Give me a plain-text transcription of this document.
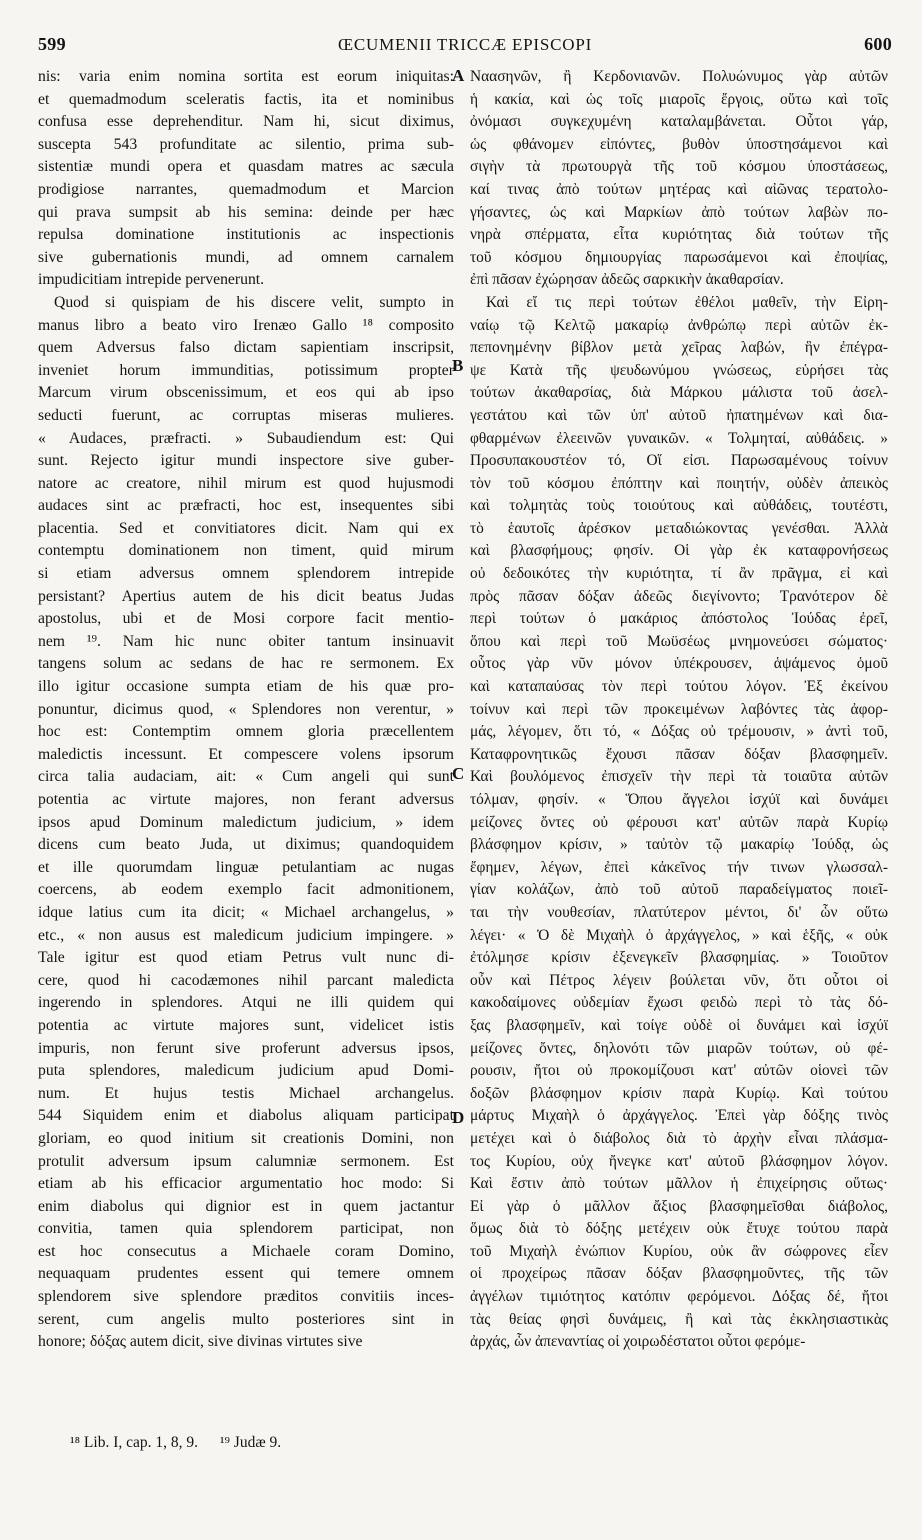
599	ŒCUMENII TRICCÆ EPISCOPI	600
nis: varia enim nomina sortita est eorum iniquitas:
et quemadmodum sceleratis factis, ita et nominibus
confusa esse deprehenditur. Nam hi, sicut diximus,
suscepta 543 profunditate ac silentio, prima sub-
sistentiæ mundi opera et quasdam matres ac sæcula
prodigiose narrantes, quemadmodum et Marcion
qui prava sumpsit ab his semina: deinde per hæc
repulsa dominatione institutionis ac inspectionis
sive gubernationis mundi, ad omnem carnalem
impudicitiam intrepide pervenerunt.
Quod si quispiam de his discere velit, sumpto in
manus libro a beato viro Irenæo Gallo ¹⁸ composito
quem Adversus falso dictam sapientiam inscripsit,
inveniet horum immunditias, potissimum propter
Marcum virum obscenissimum, et eos qui ab ipso
seducti fuerunt, ac corruptas miseras mulieres.
« Audaces, præfracti. » Subaudiendum est: Qui
sunt. Rejecto igitur mundi inspectore sive guber-
natore ac creatore, nihil mirum est quod hujusmodi
audaces sint ac præfracti, hoc est, insequentes sibi
placentia. Sed et convitiatores dicit. Nam qui ex
contemptu dominationem non timent, quid mirum
si etiam adversus omnem splendorem intrepide
persistant? Apertius autem de his dicit beatus Judas
apostolus, ubi et de Mosi corpore facit mentio-
nem ¹⁹. Nam hic nunc obiter tantum insinuavit
tangens solum ac sedans de hac re sermonem. Ex
illo igitur occasione sumpta etiam de his quæ pro-
ponuntur, dicimus quod, « Splendores non verentur, »
hoc est: Contemptim omnem gloria præcellentem
maledictis incessunt. Et compescere volens ipsorum
circa talia audaciam, ait: « Cum angeli qui sunt
potentia ac virtute majores, non ferant adversus
ipsos apud Dominum maledictum judicium, » idem
dicens cum beato Juda, ut diximus; quandoquidem
et ille quorumdam linguæ petulantiam ac nugas
coercens, ab eodem exemplo facit admonitionem,
idque latius cum ita dicit; « Michael archangelus, »
etc., « non ausus est maledicum judicium impingere. »
Tale igitur est quod etiam Petrus vult nunc di-
cere, quod hi cacodæmones nihil parcant maledicta
ingerendo in splendores. Atqui ne illi quidem qui
potentia ac virtute majores sunt, videlicet istis
impuris, non ferunt sive proferunt adversus ipsos,
puta splendores, maledicum judicium apud Domi-
num. Et hujus testis Michael archangelus.
544 Siquidem enim et diabolus aliquam participat
gloriam, eo quod initium sit creationis Domini, non
protulit adversum ipsum calumniæ sermonem. Est
etiam ab his efficacior argumentatio hoc modo: Si
enim diabolus qui dignior est in quem jactantur
convitia, tamen quia splendorem participat, non
est hoc consecutus a Michaele coram Domino,
nequaquam prudentes essent qui temere omnem
splendorem sive splendore præditos convitiis inces-
serent, cum angelis multo posteriores sint in
honore; δόξας autem dicit, sive divinas virtutes sive
Ναασηνῶν, ἢ Κερδονιανῶν. Πολυώνυμος γὰρ αὐτῶν
ἡ κακία, καὶ ὡς τοῖς μιαροῖς ἔργοις, οὕτω καὶ τοῖς
ὀνόμασι συγκεχυμένη καταλαμβάνεται. Οὗτοι γάρ,
ὡς φθάνομεν εἰπόντες, βυθὸν ὑποστησάμενοι καὶ
σιγὴν τὰ πρωτουργὰ τῆς τοῦ κόσμου ὑποστάσεως,
καί τινας ἀπὸ τούτων μητέρας καὶ αἰῶνας τερατολο-
γήσαντες, ὡς καὶ Μαρκίων ἀπὸ τούτων λαβὼν πο-
νηρὰ σπέρματα, εἶτα κυριότητας διὰ τούτων τῆς
τοῦ κόσμου δημιουργίας παρωσάμενοι καὶ ἐποψίας,
ἐπὶ πᾶσαν ἐχώρησαν ἀδεῶς σαρκικὴν ἀκαθαρσίαν.
Καὶ εἴ τις περὶ τούτων ἐθέλοι μαθεῖν, τὴν Εἰρη-
ναίῳ τῷ Κελτῷ μακαρίῳ ἀνθρώπῳ περὶ αὐτῶν ἐκ-
πεπονημένην βίβλον μετὰ χεῖρας λαβών, ἣν ἐπέγρα-
ψε Κατὰ τῆς ψευδωνύμου γνώσεως, εὑρήσει τὰς
τούτων ἀκαθαρσίας, διὰ Μάρκου μάλιστα τοῦ ἀσελ-
γεστάτου καὶ τῶν ὑπ' αὐτοῦ ἠπατημένων καὶ δια-
φθαρμένων ἐλεεινῶν γυναικῶν. « Τολμηταί, αὐθάδεις. »
Προσυπακουστέον τό, Οἵ εἰσι. Παρωσαμένους τοίνυν
τὸν τοῦ κόσμου ἐπόπτην καὶ ποιητήν, οὐδὲν ἀπεικὸς
καὶ τολμητὰς τοὺς τοιούτους καὶ αὐθάδεις, τουτέστι,
τὸ ἑαυτοῖς ἀρέσκον μεταδιώκοντας γενέσθαι. Ἀλλὰ
καὶ βλασφήμους; φησίν. Οἱ γὰρ ἐκ καταφρονήσεως
οὐ δεδοικότες τὴν κυριότητα, τί ἂν πρᾶγμα, εἰ καὶ
πρὸς πᾶσαν δόξαν ἀδεῶς διεγίνοντο; Τρανότερον δὲ
περὶ τούτων ὁ μακάριος ἀπόστολος Ἰούδας ἐρεῖ,
ὅπου καὶ περὶ τοῦ Μωϋσέως μνημονεύσει σώματος·
οὗτος γὰρ νῦν μόνον ὑπέκρουσεν, ἁψάμενος ὁμοῦ
καὶ καταπαύσας τὸν περὶ τούτου λόγον. Ἐξ ἐκείνου
τοίνυν καὶ περὶ τῶν προκειμένων λαβόντες τὰς ἀφορ-
μάς, λέγομεν, ὅτι τό, « Δόξας οὐ τρέμουσιν, » ἀντὶ τοῦ,
Καταφρονητικῶς ἔχουσι πᾶσαν δόξαν βλασφημεῖν.
Καὶ βουλόμενος ἐπισχεῖν τὴν περὶ τὰ τοιαῦτα αὐτῶν
τόλμαν, φησίν. « Ὅπου ἄγγελοι ἰσχύϊ καὶ δυνάμει
μείζονες ὄντες οὐ φέρουσι κατ' αὐτῶν παρὰ Κυρίῳ
βλάσφημον κρίσιν, » ταὐτὸν τῷ μακαρίῳ Ἰούδᾳ, ὡς
ἔφημεν, λέγων, ἐπεὶ κἀκεῖνος τήν τινων γλωσσαλ-
γίαν κολάζων, ἀπὸ τοῦ αὐτοῦ παραδείγματος ποιεῖ-
ται τὴν νουθεσίαν, πλατύτερον μέντοι, δι' ὧν οὕτω
λέγει· « Ὁ δὲ Μιχαὴλ ὁ ἀρχάγγελος, » καὶ ἑξῆς, « οὐκ
ἐτόλμησε κρίσιν ἐξενεγκεῖν βλασφημίας. » Τοιοῦτον
οὖν καὶ Πέτρος λέγειν βούλεται νῦν, ὅτι οὗτοι οἱ
κακοδαίμονες οὐδεμίαν ἔχωσι φειδὼ περὶ τὸ τὰς δό-
ξας βλασφημεῖν, καὶ τοίγε οὐδὲ οἱ δυνάμει καὶ ἰσχύϊ
μείζονες ὄντες, δηλονότι τῶν μιαρῶν τούτων, οὐ φέ-
ρουσιν, ἤτοι οὐ προκομίζουσι κατ' αὐτῶν οἱονεὶ τῶν
δοξῶν βλάσφημον κρίσιν παρὰ Κυρίῳ. Καὶ τούτου
μάρτυς Μιχαὴλ ὁ ἀρχάγγελος. Ἐπεὶ γὰρ δόξης τινὸς
μετέχει καὶ ὁ διάβολος διὰ τὸ ἀρχὴν εἶναι πλάσμα-
τος Κυρίου, οὐχ ἤνεγκε κατ' αὐτοῦ βλάσφημον λόγον.
Καὶ ἔστιν ἀπὸ τούτων μᾶλλον ἡ ἐπιχείρησις οὕτως·
Εἰ γὰρ ὁ μᾶλλον ἄξιος βλασφημεῖσθαι διάβολος,
ὅμως διὰ τὸ δόξης μετέχειν οὐκ ἔτυχε τούτου παρὰ
τοῦ Μιχαὴλ ἐνώπιον Κυρίου, οὐκ ἂν σώφρονες εἶεν
οἱ προχείρως πᾶσαν δόξαν βλασφημοῦντες, τῆς τῶν
ἀγγέλων τιμιότητος κατόπιν φερόμενοι. Δόξας δέ, ἤτοι
τὰς θείας φησὶ δυνάμεις, ἢ καὶ τὰς ἐκκλησιαστικὰς
ἀρχάς, ὧν ἀπεναντίας οἱ χοιρωδέστατοι οὗτοι φερόμε-
A
B
C
D
¹⁸ Lib. I, cap. 1, 8, 9. ¹⁹ Judæ 9.
